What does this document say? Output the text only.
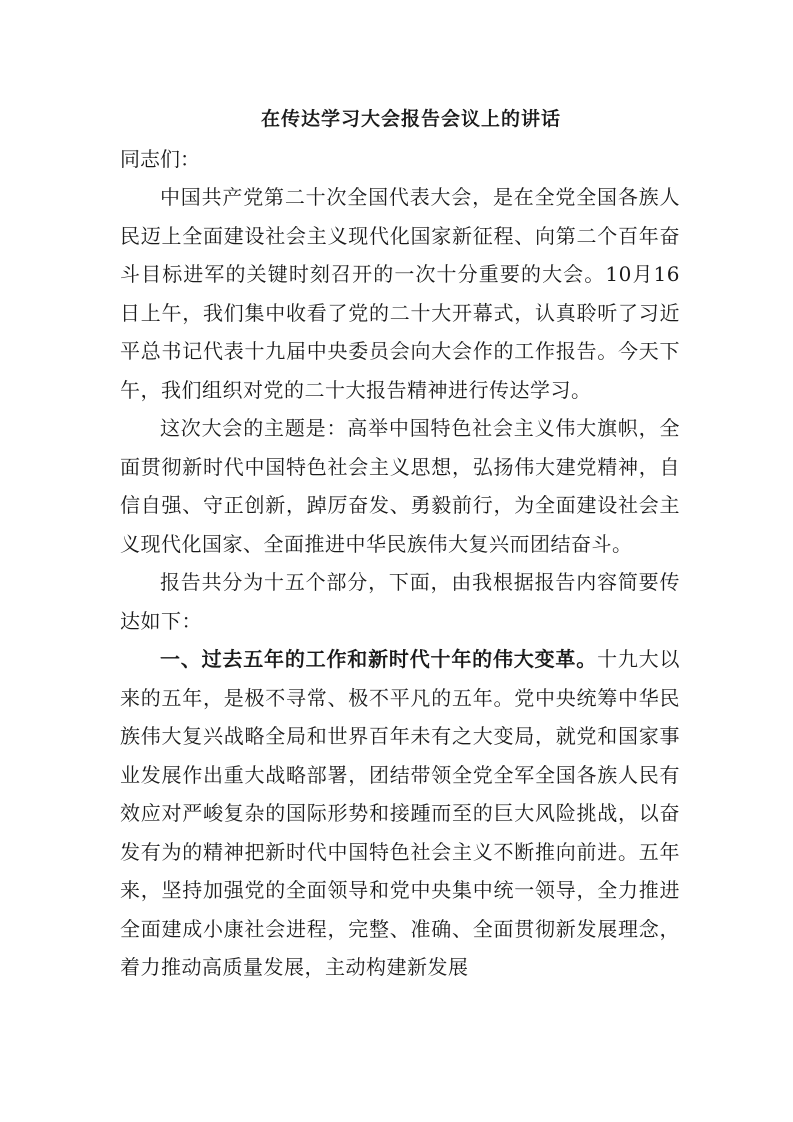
在传达学习大会报告会议上的讲话

同志们：

中国共产党第二十次全国代表大会，是在全党全国各族人民迈上全面建设社会主义现代化国家新征程、向第二个百年奋斗目标进军的关键时刻召开的一次十分重要的大会。10月16日上午，我们集中收看了党的二十大开幕式，认真聆听了习近平总书记代表十九届中央委员会向大会作的工作报告。今天下午，我们组织对党的二十大报告精神进行传达学习。

这次大会的主题是：高举中国特色社会主义伟大旗帜，全面贯彻新时代中国特色社会主义思想，弘扬伟大建党精神，自信自强、守正创新，踔厉奋发、勇毅前行，为全面建设社会主义现代化国家、全面推进中华民族伟大复兴而团结奋斗。

报告共分为十五个部分，下面，由我根据报告内容简要传达如下：

一、过去五年的工作和新时代十年的伟大变革。十九大以来的五年，是极不寻常、极不平凡的五年。党中央统筹中华民族伟大复兴战略全局和世界百年未有之大变局，就党和国家事业发展作出重大战略部署，团结带领全党全军全国各族人民有效应对严峻复杂的国际形势和接踵而至的巨大风险挑战，以奋发有为的精神把新时代中国特色社会主义不断推向前进。五年来，坚持加强党的全面领导和党中央集中统一领导，全力推进全面建成小康社会进程，完整、准确、全面贯彻新发展理念，着力推动高质量发展，主动构建新发展
